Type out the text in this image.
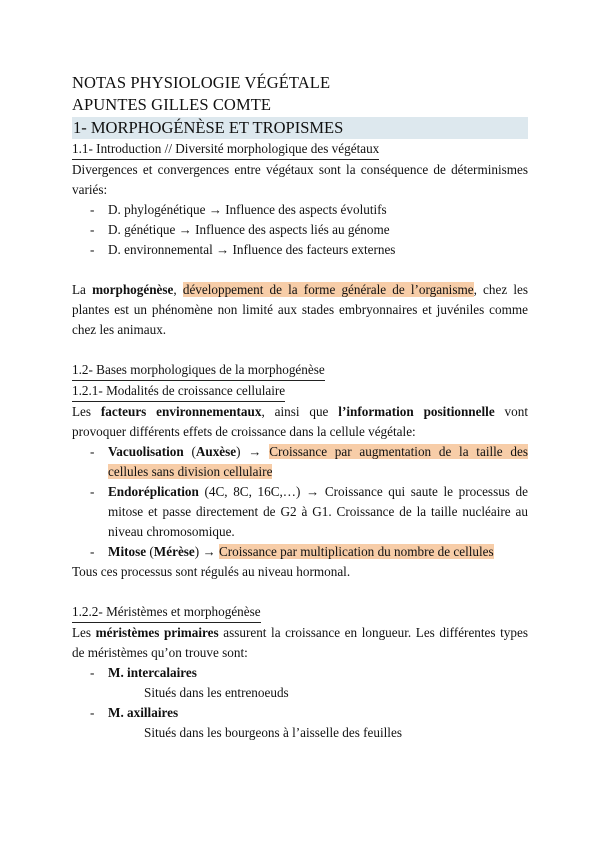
NOTAS PHYSIOLOGIE VÉGÉTALE
APUNTES GILLES COMTE
1- MORPHOGÉNÈSE ET TROPISMES
1.1- Introduction // Diversité morphologique des végétaux
Divergences et convergences entre végétaux sont la conséquence de déterminismes variés:
- D. phylogénétique → Influence des aspects évolutifs
- D. génétique → Influence des aspects liés au génome
- D. environnemental → Influence des facteurs externes
La morphogénèse, développement de la forme générale de l’organisme, chez les plantes est un phénomène non limité aux stades embryonnaires et juvéniles comme chez les animaux.
1.2- Bases morphologiques de la morphogénèse
1.2.1- Modalités de croissance cellulaire
Les facteurs environnementaux, ainsi que l’information positionnelle vont provoquer différents effets de croissance dans la cellule végétale:
- Vacuolisation (Auxèse) → Croissance par augmentation de la taille des cellules sans division cellulaire
- Endoréplication (4C, 8C, 16C,…) → Croissance qui saute le processus de mitose et passe directement de G2 à G1. Croissance de la taille nucléaire au niveau chromosomique.
- Mitose (Mérèse) → Croissance par multiplication du nombre de cellules
Tous ces processus sont régulés au niveau hormonal.
1.2.2- Méristèmes et morphogénèse
Les méristèmes primaires assurent la croissance en longueur. Les différentes types de méristèmes qu’on trouve sont:
- M. intercalaires
Situés dans les entrenoeuds
- M. axillaires
Situés dans les bourgeons à l’aisselle des feuilles
